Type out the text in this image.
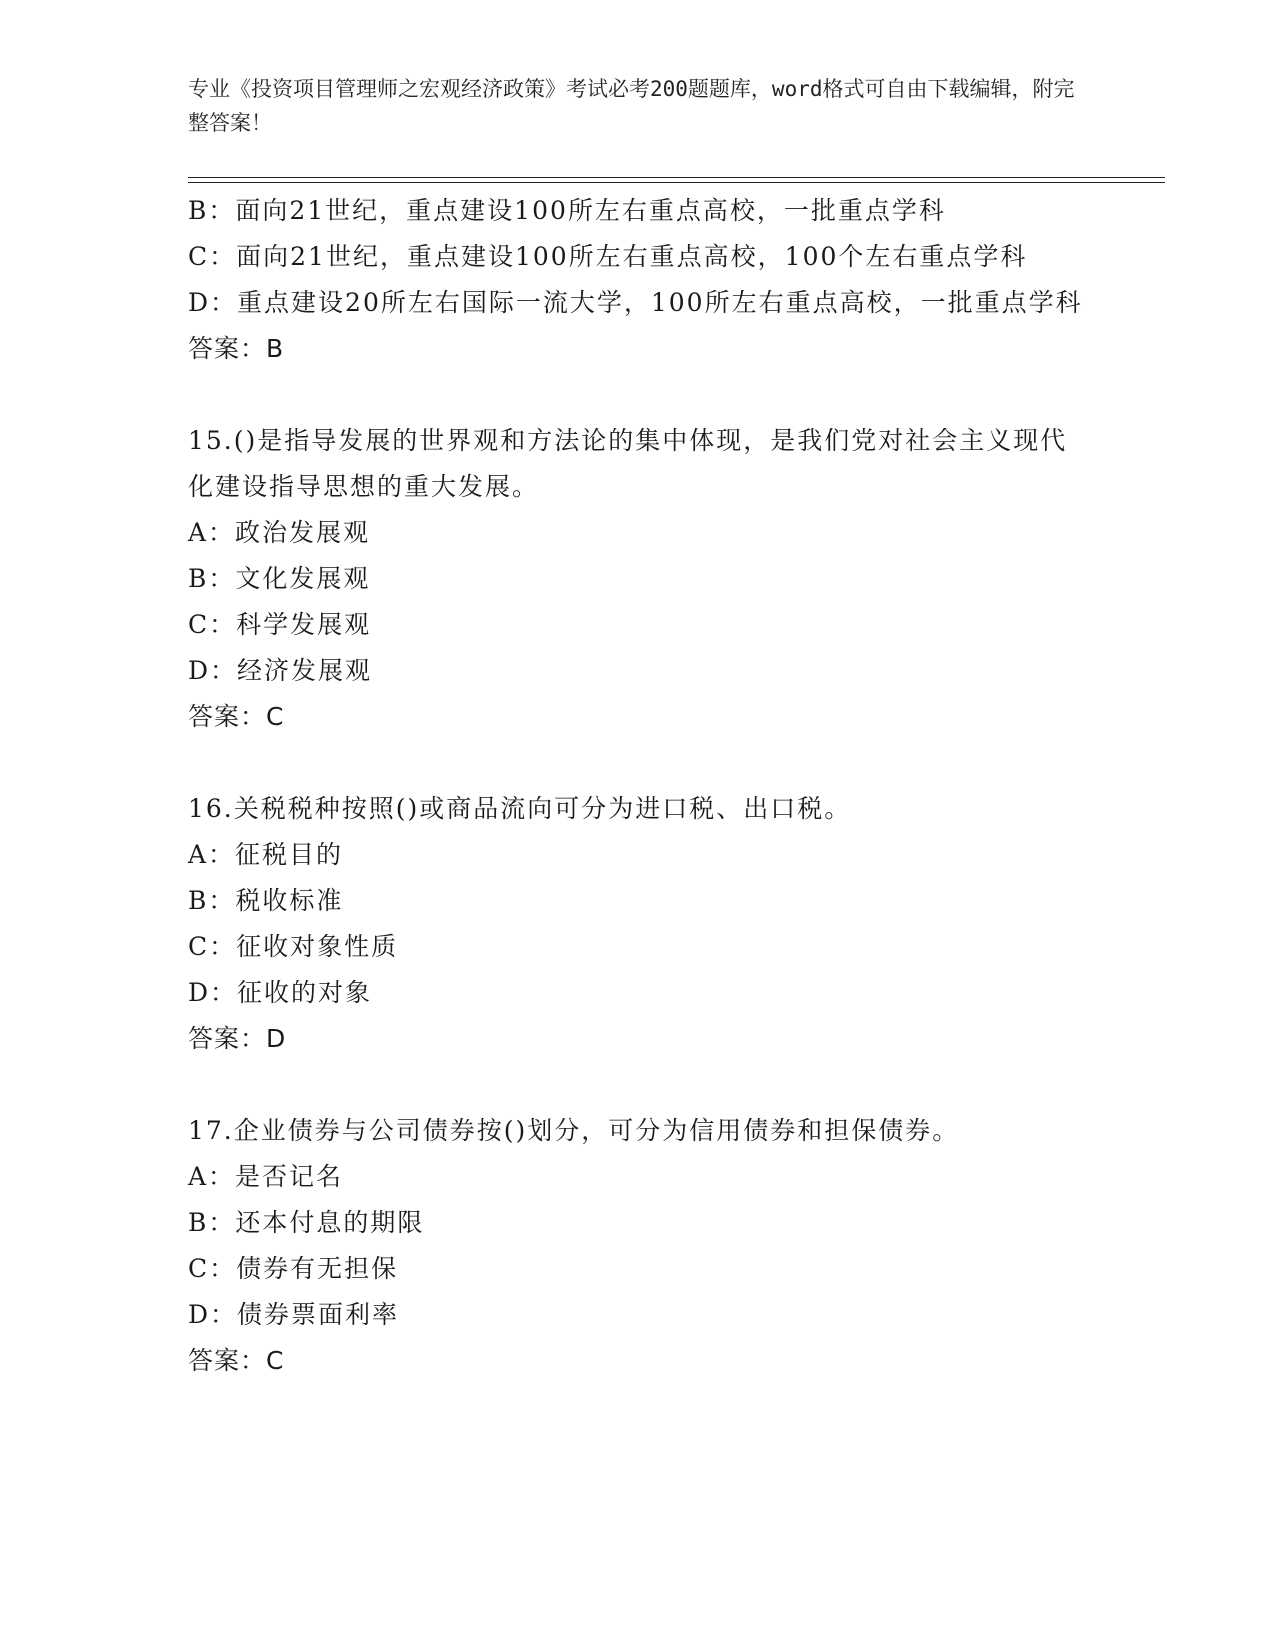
专业《投资项目管理师之宏观经济政策》考试必考200题题库，word格式可自由下载编辑，附完整答案！
B：面向21世纪，重点建设100所左右重点高校，一批重点学科
C：面向21世纪，重点建设100所左右重点高校，100个左右重点学科
D：重点建设20所左右国际一流大学，100所左右重点高校，一批重点学科
答案：B
15.()是指导发展的世界观和方法论的集中体现，是我们党对社会主义现代化建设指导思想的重大发展。
A：政治发展观
B：文化发展观
C：科学发展观
D：经济发展观
答案：C
16.关税税种按照()或商品流向可分为进口税、出口税。
A：征税目的
B：税收标准
C：征收对象性质
D：征收的对象
答案：D
17.企业债券与公司债券按()划分，可分为信用债券和担保债券。
A：是否记名
B：还本付息的期限
C：债券有无担保
D：债券票面利率
答案：C
